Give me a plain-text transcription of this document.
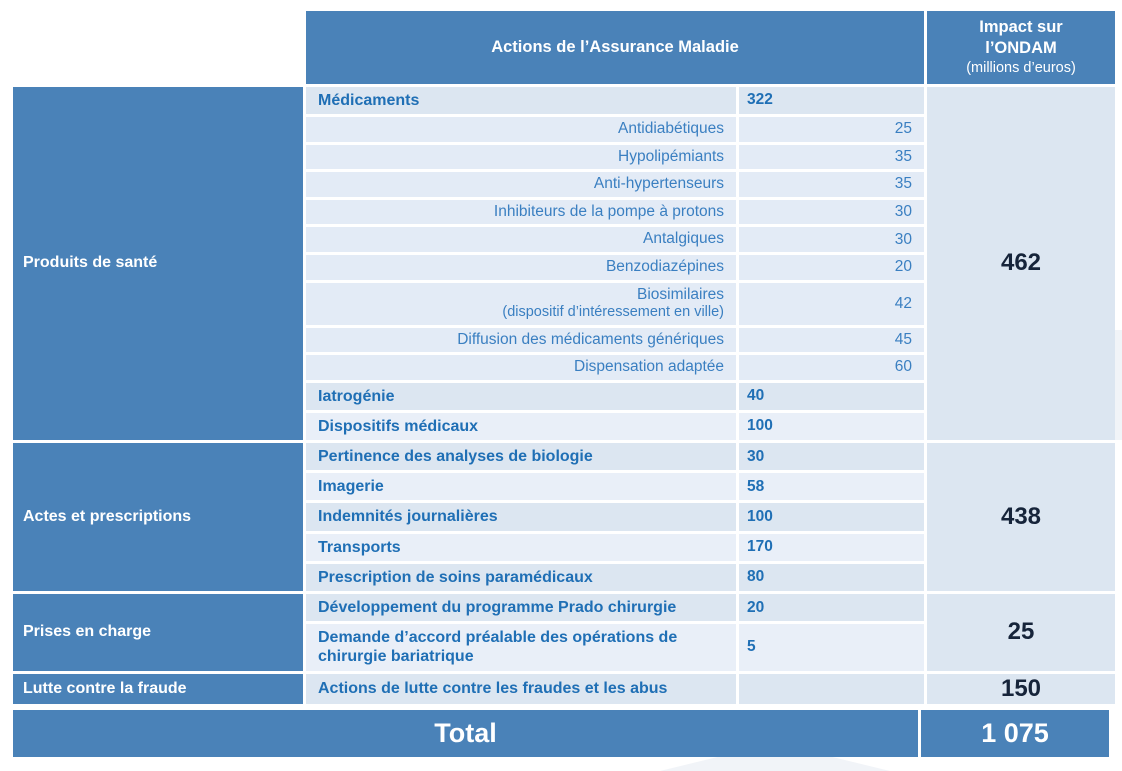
	Actions de l’Assurance Maladie		Impact sur
l’ONDAM
(millions d’euros)

Produits de santé	Médicaments	322	462
	Antidiabétiques	25	
	Hypolipémiants	35	
	Anti-hypertenseurs	35	
	Inhibiteurs de la pompe à protons	30	
	Antalgiques	30	
	Benzodiazépines	20	
	Biosimilaires
(dispositif d’intéressement en ville)	42	
	Diffusion des médicaments génériques	45	
	Dispensation adaptée	60	
	Iatrogénie	40	
	Dispositifs médicaux	100	
Actes et prescriptions	Pertinence des analyses de biologie	30	438
	Imagerie	58	
	Indemnités journalières	100	
	Transports	170	
	Prescription de soins paramédicaux	80	
Prises en charge	Développement du programme Prado chirurgie	20	25
	Demande d’accord préalable des opérations de chirurgie bariatrique	5	
Lutte contre la fraude	Actions de lutte contre les fraudes et les abus		150
Total	1 075
